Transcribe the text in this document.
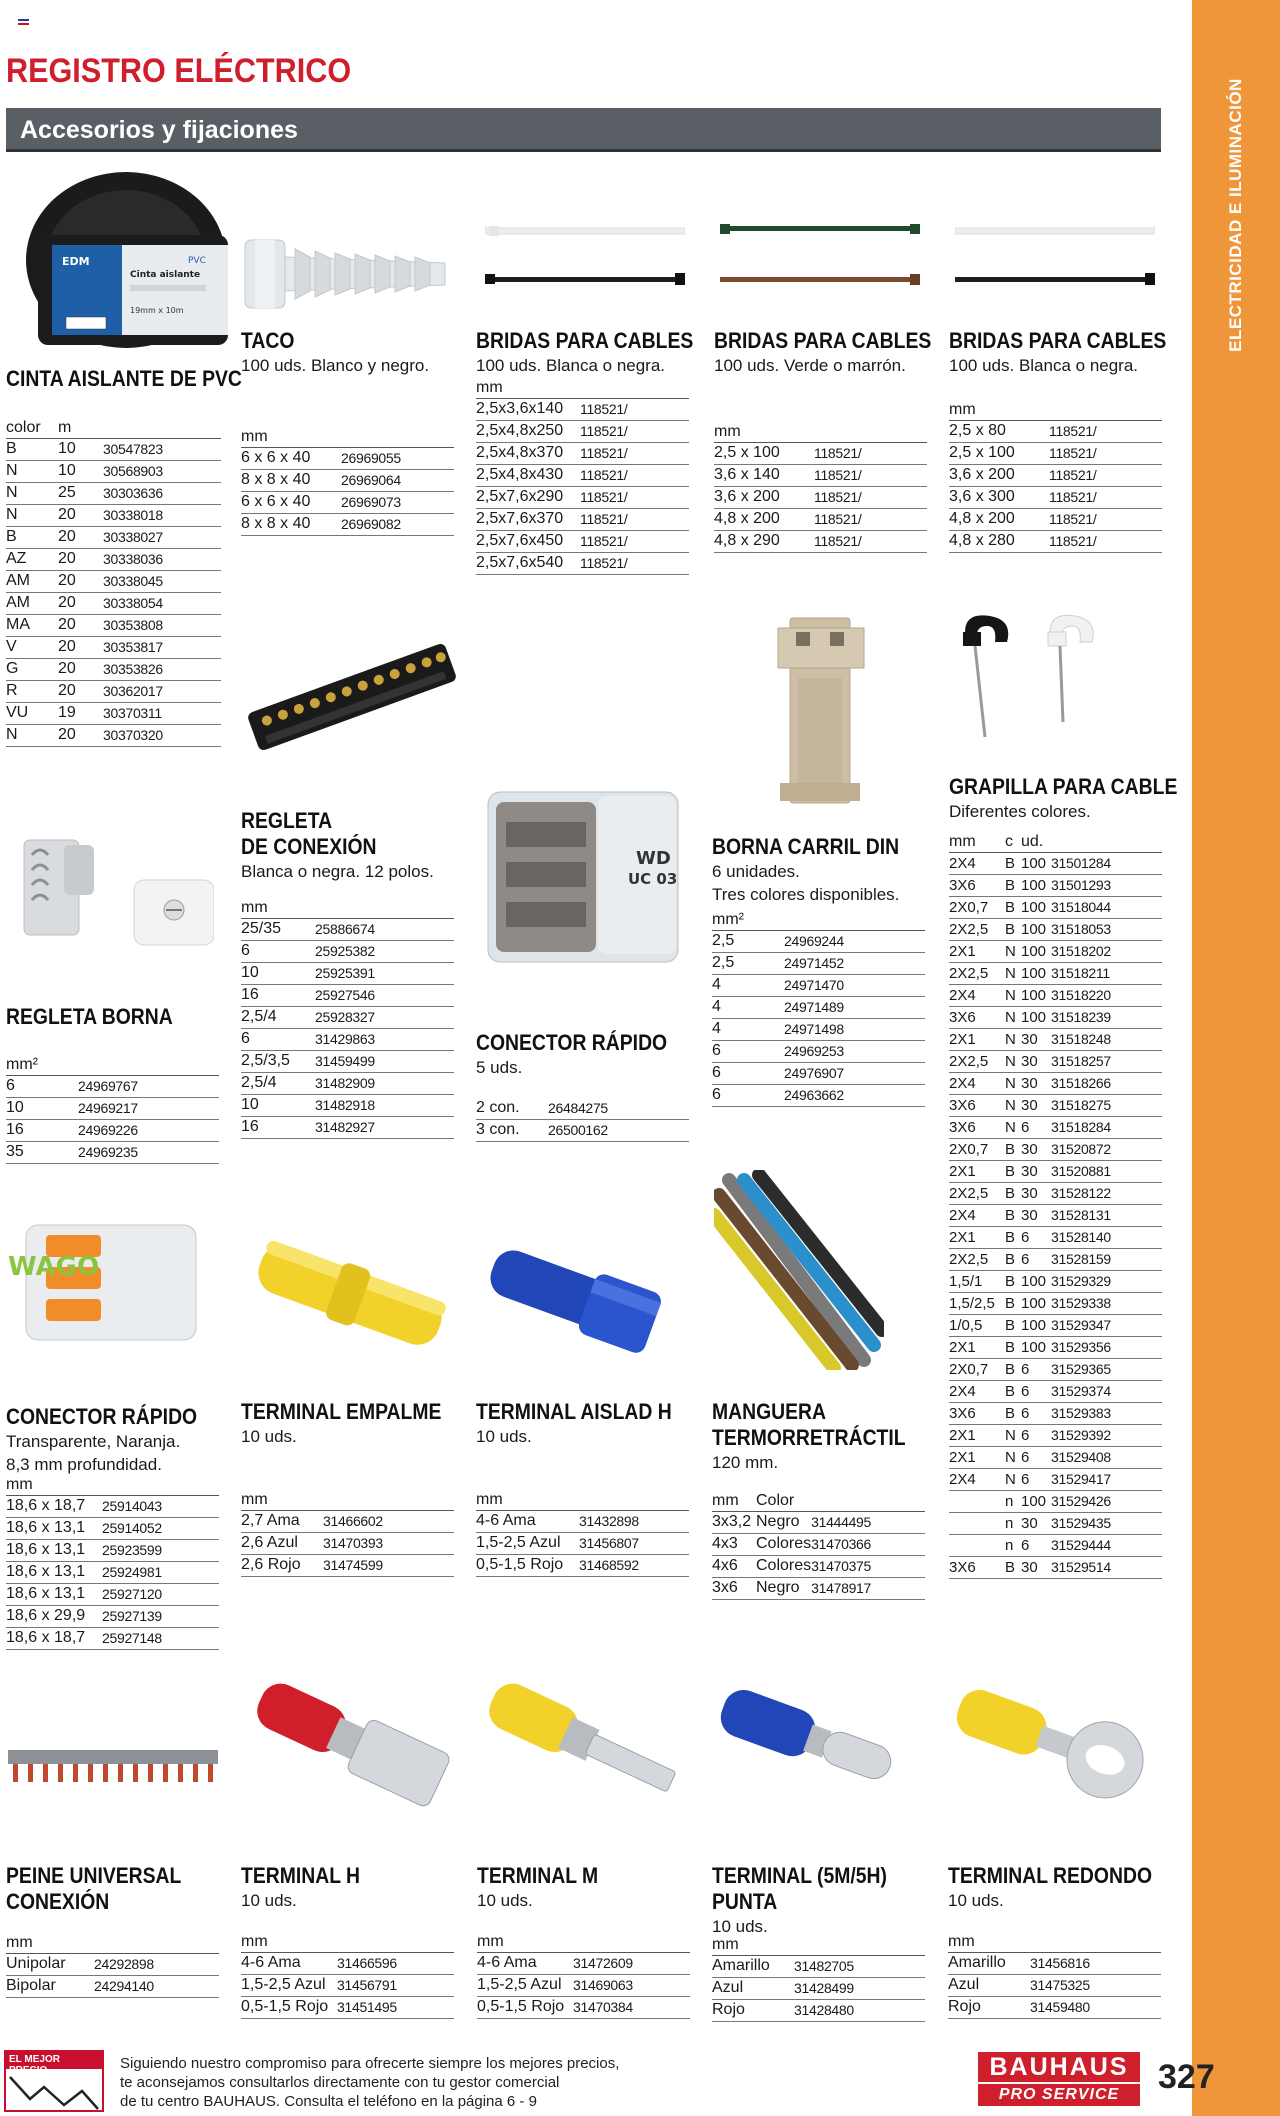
ELECTRICIDAD E ILUMINACIÓN
REGISTRO ELÉCTRICO
Accesorios y fijaciones
EDM	PVC
Cinta aislante
19mm x 10m
WD
UC 03
WAGO
CINTA AISLANTE DE PVC
color	m	
B	10	30547823
N	10	30568903
N	25	30303636
N	20	30338018
B	20	30338027
AZ	20	30338036
AM	20	30338045
AM	20	30338054
MA	20	30353808
V	20	30353817
G	20	30353826
R	20	30362017
VU	19	30370311
N	20	30370320
TACO
100 uds. Blanco y negro.
mm	
6 x 6 x 40	26969055
8 x 8 x 40	26969064
6 x 6 x 40	26969073
8 x 8 x 40	26969082
BRIDAS PARA CABLES
100 uds. Blanca o negra.
mm	
2,5x3,6x140	118521/
2,5x4,8x250	118521/
2,5x4,8x370	118521/
2,5x4,8x430	118521/
2,5x7,6x290	118521/
2,5x7,6x370	118521/
2,5x7,6x450	118521/
2,5x7,6x540	118521/
BRIDAS PARA CABLES
100 uds. Verde o marrón.
mm	
2,5 x 100	118521/
3,6 x 140	118521/
3,6 x 200	118521/
4,8 x 200	118521/
4,8 x 290	118521/
BRIDAS PARA CABLES
100 uds. Blanca o negra.
mm	
2,5 x 80	118521/
2,5 x 100	118521/
3,6 x 200	118521/
3,6 x 300	118521/
4,8 x 200	118521/
4,8 x 280	118521/
REGLETA
DE CONEXIÓN
Blanca o negra. 12 polos.
mm	
25/35	25886674
6	25925382
10	25925391
16	25927546
2,5/4	25928327
6	31429863
2,5/3,5	31459499
2,5/4	31482909
10	31482918
16	31482927
BORNA CARRIL DIN
6 unidades.
Tres colores disponibles.
mm²	
2,5	24969244
2,5	24971452
4	24971470
4	24971489
4	24971498
6	24969253
6	24976907
6	24963662
GRAPILLA PARA CABLE
Diferentes colores.
mm	c	ud.	
2X4	B	100	31501284
3X6	B	100	31501293
2X0,7	B	100	31518044
2X2,5	B	100	31518053
2X1	N	100	31518202
2X2,5	N	100	31518211
2X4	N	100	31518220
3X6	N	100	31518239
2X1	N	30	31518248
2X2,5	N	30	31518257
2X4	N	30	31518266
3X6	N	30	31518275
3X6	N	6	31518284
2X0,7	B	30	31520872
2X1	B	30	31520881
2X2,5	B	30	31528122
2X4	B	30	31528131
2X1	B	6	31528140
2X2,5	B	6	31528159
1,5/1	B	100	31529329
1,5/2,5	B	100	31529338
1/0,5	B	100	31529347
2X1	B	100	31529356
2X0,7	B	6	31529365
2X4	B	6	31529374
3X6	B	6	31529383
2X1	N	6	31529392
2X1	N	6	31529408
2X4	N	6	31529417
	n	100	31529426
	n	30	31529435
	n	6	31529444
3X6	B	30	31529514
REGLETA BORNA
mm²	
6	24969767
10	24969217
16	24969226
35	24969235
CONECTOR RÁPIDO
5 uds.
2 con.	26484275
3 con.	26500162
CONECTOR RÁPIDO
Transparente, Naranja.
8,3 mm profundidad.
mm	
18,6 x 18,7	25914043
18,6 x 13,1	25914052
18,6 x 13,1	25923599
18,6 x 13,1	25924981
18,6 x 13,1	25927120
18,6 x 29,9	25927139
18,6 x 18,7	25927148
TERMINAL EMPALME
10 uds.
mm	
2,7 Ama	31466602
2,6 Azul	31470393
2,6 Rojo	31474599
TERMINAL AISLAD H
10 uds.
mm	
4-6 Ama	31432898
1,5-2,5 Azul	31456807
0,5-1,5 Rojo	31468592
MANGUERA
TERMORRETRÁCTIL
120 mm.
mm	Color	
3x3,2	Negro	31444495
4x3	Colores	31470366
4x6	Colores	31470375
3x6	Negro	31478917
PEINE UNIVERSAL
CONEXIÓN
mm	
Unipolar	24292898
Bipolar	24294140
TERMINAL H
10 uds.
mm	
4-6 Ama	31466596
1,5-2,5 Azul	31456791
0,5-1,5 Rojo	31451495
TERMINAL M
10 uds.
mm	
4-6 Ama	31472609
1,5-2,5 Azul	31469063
0,5-1,5 Rojo	31470384
TERMINAL (5M/5H)
PUNTA
10 uds.
mm	
Amarillo	31482705
Azul	31428499
Rojo	31428480
TERMINAL REDONDO
10 uds.
mm	
Amarillo	31456816
Azul	31475325
Rojo	31459480
EL MEJOR PRECIO	Siguiendo nuestro compromiso para ofrecerte siempre los mejores precios,
te aconsejamos consultarlos directamente con tu gestor comercial
de tu centro BAUHAUS. Consulta el teléfono en la página 6 - 9
BAUHAUS
PRO SERVICE	327
